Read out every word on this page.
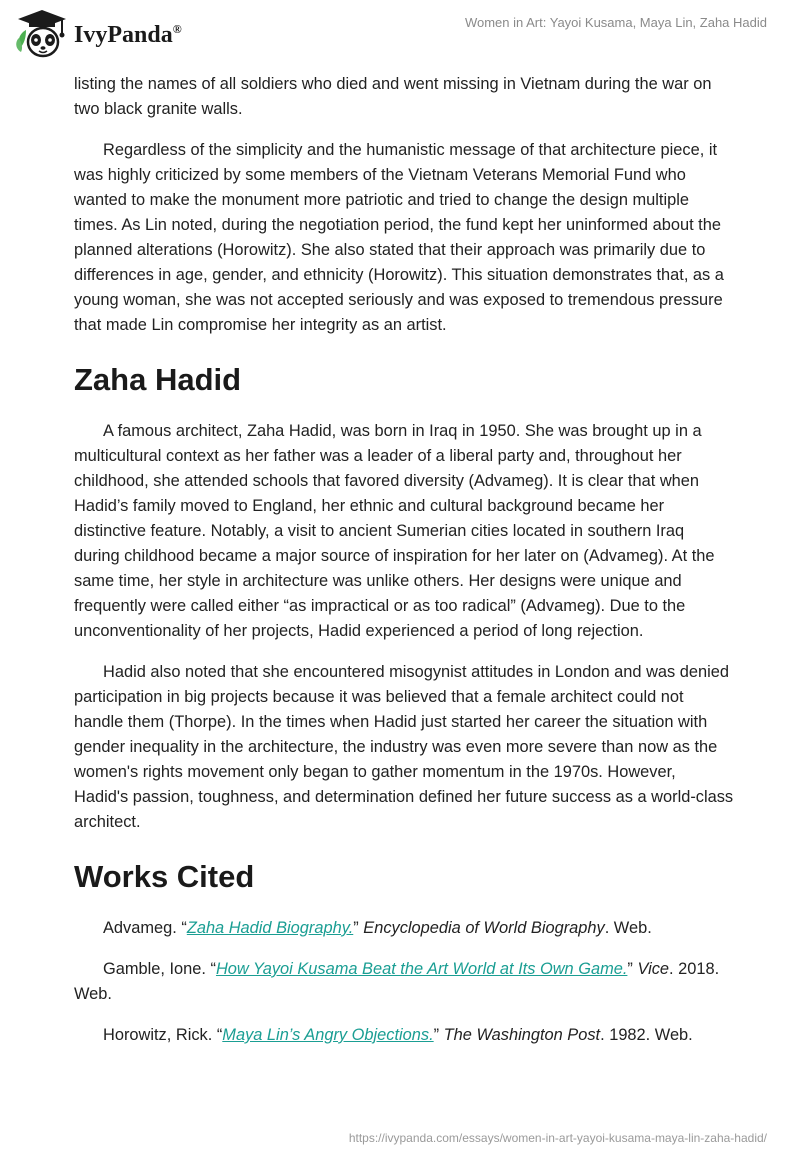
IvyPanda®	Women in Art: Yayoi Kusama, Maya Lin, Zaha Hadid

listing the names of all soldiers who died and went missing in Vietnam during the war on two black granite walls.

Regardless of the simplicity and the humanistic message of that architecture piece, it was highly criticized by some members of the Vietnam Veterans Memorial Fund who wanted to make the monument more patriotic and tried to change the design multiple times. As Lin noted, during the negotiation period, the fund kept her uninformed about the planned alterations (Horowitz). She also stated that their approach was primarily due to differences in age, gender, and ethnicity (Horowitz). This situation demonstrates that, as a young woman, she was not accepted seriously and was exposed to tremendous pressure that made Lin compromise her integrity as an artist.

Zaha Hadid

A famous architect, Zaha Hadid, was born in Iraq in 1950. She was brought up in a multicultural context as her father was a leader of a liberal party and, throughout her childhood, she attended schools that favored diversity (Advameg). It is clear that when Hadid’s family moved to England, her ethnic and cultural background became her distinctive feature. Notably, a visit to ancient Sumerian cities located in southern Iraq during childhood became a major source of inspiration for her later on (Advameg). At the same time, her style in architecture was unlike others. Her designs were unique and frequently were called either “as impractical or as too radical” (Advameg). Due to the unconventionality of her projects, Hadid experienced a period of long rejection.

Hadid also noted that she encountered misogynist attitudes in London and was denied participation in big projects because it was believed that a female architect could not handle them (Thorpe). In the times when Hadid just started her career the situation with gender inequality in the architecture, the industry was even more severe than now as the women's rights movement only began to gather momentum in the 1970s. However, Hadid's passion, toughness, and determination defined her future success as a world-class architect.

Works Cited

Advameg. “Zaha Hadid Biography.” Encyclopedia of World Biography. Web.

Gamble, Ione. “How Yayoi Kusama Beat the Art World at Its Own Game.” Vice. 2018. Web.

Horowitz, Rick. “Maya Lin’s Angry Objections.” The Washington Post. 1982. Web.

https://ivypanda.com/essays/women-in-art-yayoi-kusama-maya-lin-zaha-hadid/
